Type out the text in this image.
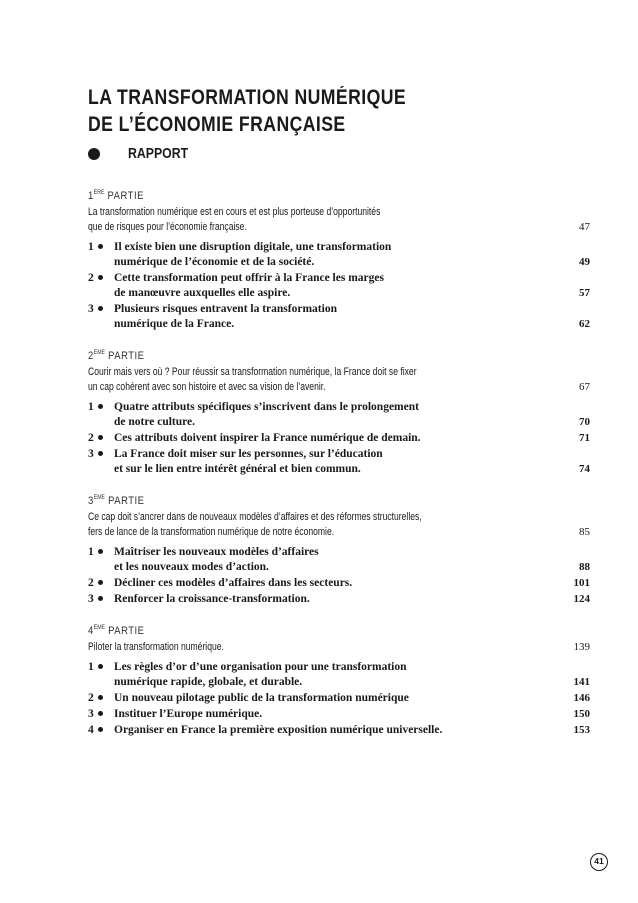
LA TRANSFORMATION NUMÉRIQUE
DE L’ÉCONOMIE FRANÇAISE
RAPPORT
1ÈRE PARTIE
La transformation numérique est en cours et est plus porteuse d’opportunités
que de risques pour l’économie française.	47
1	Il existe bien une disruption digitale, une transformation
numérique de l’économie et de la société.	49
2	Cette transformation peut offrir à la France les marges
de manœuvre auxquelles elle aspire.	57
3	Plusieurs risques entravent la transformation
numérique de la France.	62
2ÈME PARTIE
Courir mais vers où ? Pour réussir sa transformation numérique, la France doit se fixer
un cap cohérent avec son histoire et avec sa vision de l’avenir.	67
1	Quatre attributs spécifiques s’inscrivent dans le prolongement
de notre culture.	70
2	Ces attributs doivent inspirer la France numérique de demain.	71
3	La France doit miser sur les personnes, sur l’éducation
et sur le lien entre intérêt général et bien commun.	74
3ÈME PARTIE
Ce cap doit s’ancrer dans de nouveaux modèles d’affaires et des réformes structurelles,
fers de lance de la transformation numérique de notre économie.	85
1	Maîtriser les nouveaux modèles d’affaires
et les nouveaux modes d’action.	88
2	Décliner ces modèles d’affaires dans les secteurs.	101
3	Renforcer la croissance-transformation.	124
4ÈME PARTIE
Piloter la transformation numérique.	139
1	Les règles d’or d’une organisation pour une transformation
numérique rapide, globale, et durable.	141
2	Un nouveau pilotage public de la transformation numérique	146
3	Instituer l’Europe numérique.	150
4	Organiser en France la première exposition numérique universelle.	153
41
